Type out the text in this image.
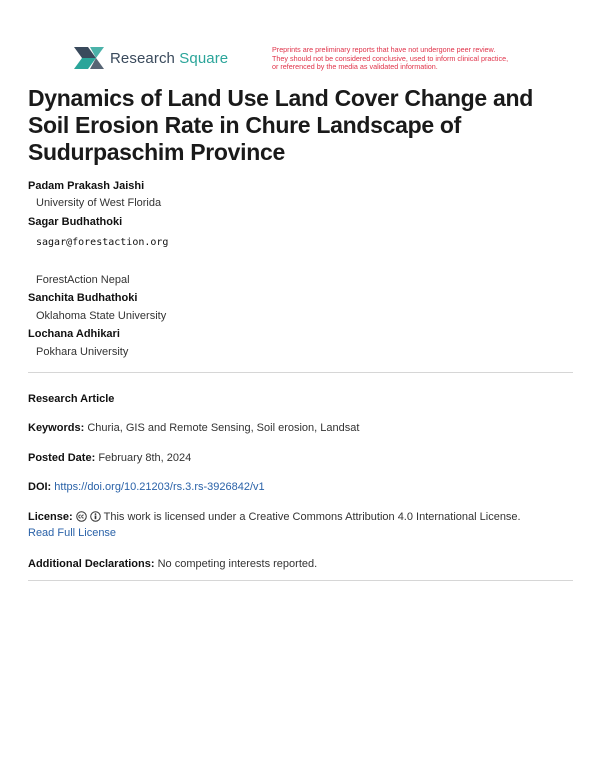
Research Square	Preprints are preliminary reports that have not undergone peer review.
They should not be considered conclusive, used to inform clinical practice,
or referenced by the media as validated information.
Dynamics of Land Use Land Cover Change and Soil Erosion Rate in Chure Landscape of Sudurpaschim Province
Padam Prakash Jaishi
University of West Florida
Sagar Budhathoki
sagar@forestaction.org
ForestAction Nepal
Sanchita Budhathoki
Oklahoma State University
Lochana Adhikari
Pokhara University
Research Article
Keywords: Churia, GIS and Remote Sensing, Soil erosion, Landsat
Posted Date: February 8th, 2024
DOI: https://doi.org/10.21203/rs.3.rs-3926842/v1
License:	This work is licensed under a Creative Commons Attribution 4.0 International License.
Read Full License
Additional Declarations: No competing interests reported.
